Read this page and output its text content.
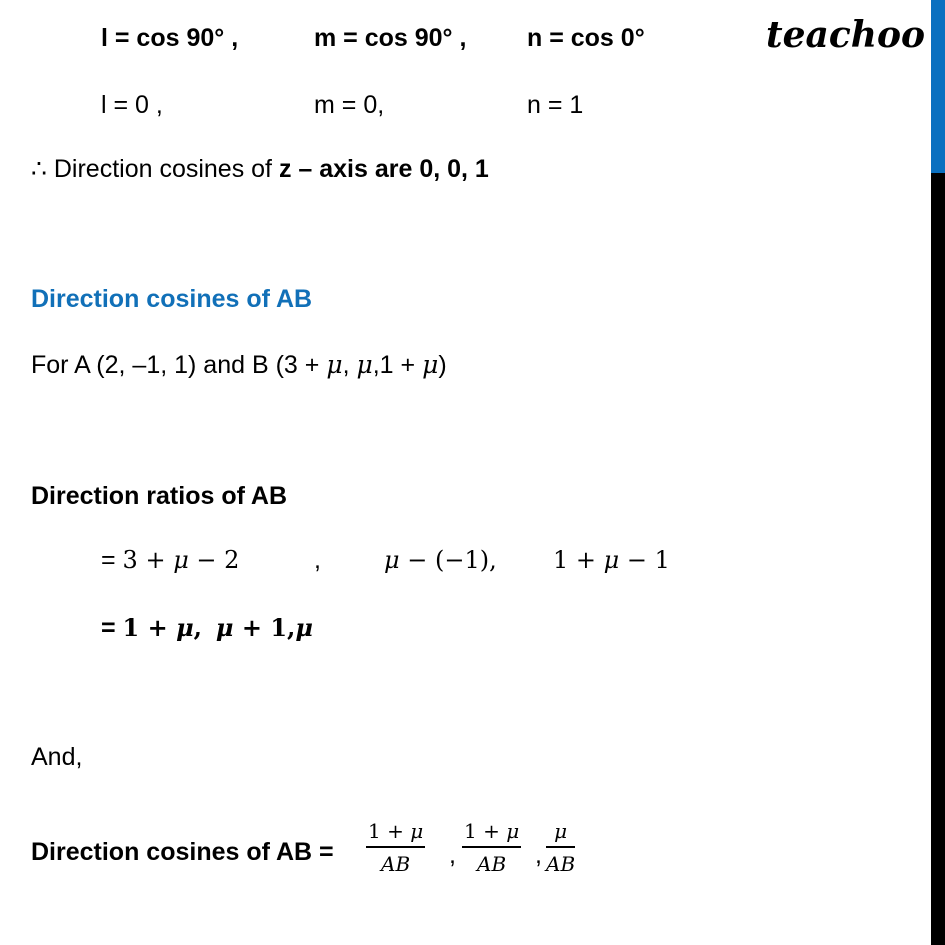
teachoo
l = cos 90° ,	m = cos 90° , n = cos 0°
l = 0 ,	m = 0,	n = 1
∴ Direction cosines of z – axis are 0, 0, 1
Direction cosines of AB
For A (2, –1, 1) and B (3 + μ, μ,1 + μ)
Direction ratios of AB
= 3 + μ − 2	,	μ − (−1), 1 + μ − 1
= 1 + μ, μ + 1,μ
And,
Direction cosines of AB = $\frac{1 + \mu}{AB}$ , $\frac{1 + \mu}{AB}$ , $\frac{\mu}{AB}$
